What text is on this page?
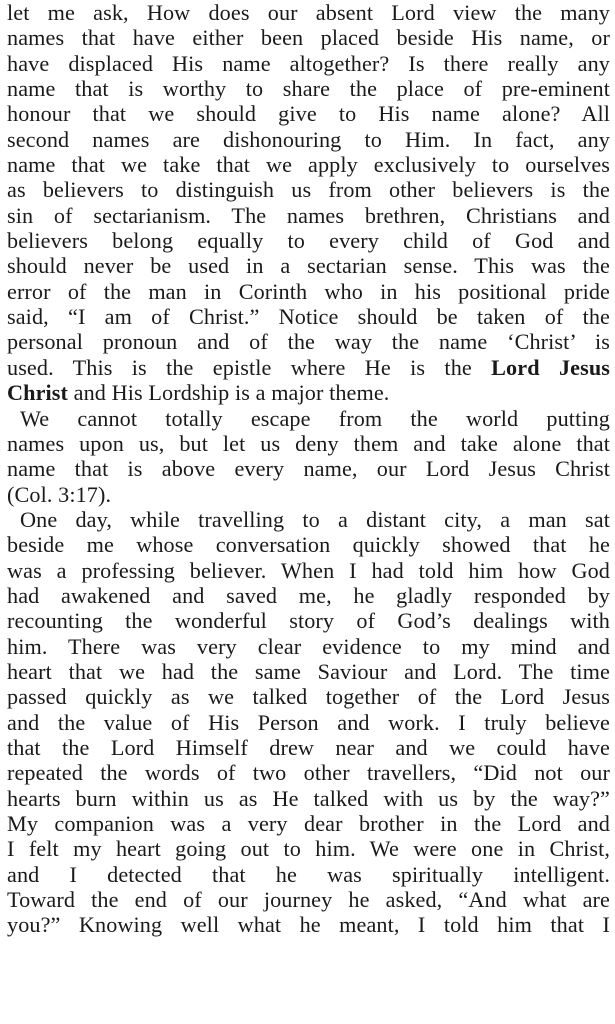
let me ask, How does our absent Lord view the many
names that have either been placed beside His name, or
have displaced His name altogether? Is there really any
name that is worthy to share the place of pre-eminent
honour that we should give to His name alone? All
second names are dishonouring to Him. In fact, any
name that we take that we apply exclusively to ourselves
as believers to distinguish us from other believers is the
sin of sectarianism. The names brethren, Christians and
believers belong equally to every child of God and
should never be used in a sectarian sense. This was the
error of the man in Corinth who in his positional pride
said, “I am of Christ.” Notice should be taken of the
personal pronoun and of the way the name ‘Christ’ is
used. This is the epistle where He is the Lord Jesus
Christ and His Lordship is a major theme.
We cannot totally escape from the world putting
names upon us, but let us deny them and take alone that
name that is above every name, our Lord Jesus Christ
(Col. 3:17).
One day, while travelling to a distant city, a man sat
beside me whose conversation quickly showed that he
was a professing believer. When I had told him how God
had awakened and saved me, he gladly responded by
recounting the wonderful story of God’s dealings with
him. There was very clear evidence to my mind and
heart that we had the same Saviour and Lord. The time
passed quickly as we talked together of the Lord Jesus
and the value of His Person and work. I truly believe
that the Lord Himself drew near and we could have
repeated the words of two other travellers, “Did not our
hearts burn within us as He talked with us by the way?”
My companion was a very dear brother in the Lord and
I felt my heart going out to him. We were one in Christ,
and I detected that he was spiritually intelligent.
Toward the end of our journey he asked, “And what are
you?” Knowing well what he meant, I told him that I
